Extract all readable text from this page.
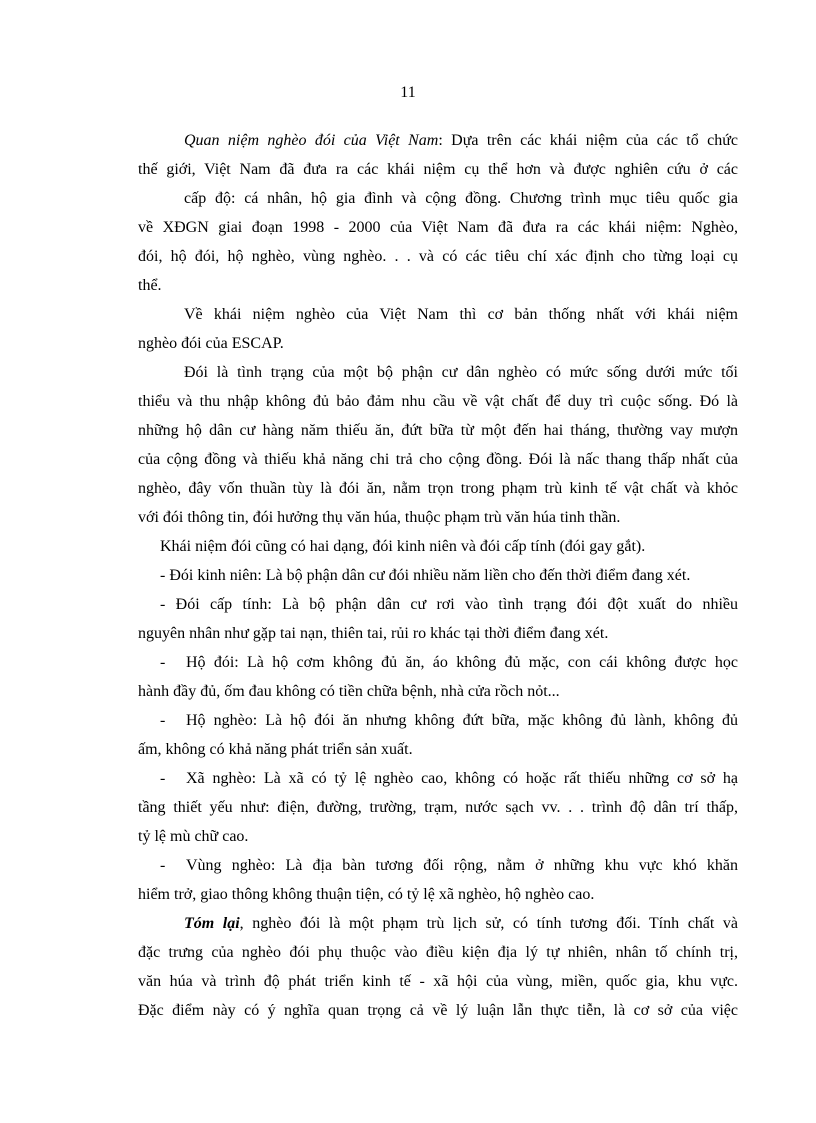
11
Quan niệm nghèo đói của Việt Nam: Dựa trên các khái niệm của các tổ chức
thế giới, Việt Nam đã đưa ra các khái niệm cụ thể hơn và được nghiên cứu ở các
cấp độ: cá nhân, hộ gia đình và cộng đồng. Chương trình mục tiêu quốc gia
về XĐGN giai đoạn 1998 - 2000 của Việt Nam đã đưa ra các khái niệm: Nghèo,
đói, hộ đói, hộ nghèo, vùng nghèo. . . và có các tiêu chí xác định cho từng loại cụ
thể.
Về khái niệm nghèo của Việt Nam thì cơ bản thống nhất với khái niệm
nghèo đói của ESCAP.
Đói là tình trạng của một bộ phận cư dân nghèo có mức sống dưới mức tối
thiểu và thu nhập không đủ bảo đảm nhu cầu về vật chất để duy trì cuộc sống. Đó là
những hộ dân cư hàng năm thiếu ăn, đứt bữa từ một đến hai tháng, thường vay mượn
của cộng đồng và thiếu khả năng chi trả cho cộng đồng. Đói là nấc thang thấp nhất của
nghèo, đây vốn thuần tùy là đói ăn, nằm trọn trong phạm trù kinh tế vật chất và khỏc
với đói thông tin, đói hưởng thụ văn húa, thuộc phạm trù văn húa tinh thần.
Khái niệm đói cũng có hai dạng, đói kinh niên và đói cấp tính (đói gay gắt).
- Đói kinh niên: Là bộ phận dân cư đói nhiều năm liền cho đến thời điểm đang xét.
- Đói cấp tính: Là bộ phận dân cư rơi vào tình trạng đói đột xuất do nhiều
nguyên nhân như gặp tai nạn, thiên tai, rủi ro khác tại thời điểm đang xét.
-	Hộ đói: Là hộ cơm không đủ ăn, áo không đủ mặc, con cái không được học
hành đầy đủ, ốm đau không có tiền chữa bệnh, nhà cửa rồch nỏt...
-	Hộ nghèo: Là hộ đói ăn nhưng không đứt bữa, mặc không đủ lành, không đủ
ấm, không có khả năng phát triển sản xuất.
-	Xã nghèo: Là xã có tỷ lệ nghèo cao, không có hoặc rất thiếu những cơ sở hạ
tầng thiết yếu như: điện, đường, trường, trạm, nước sạch vv. . . trình độ dân trí thấp,
tỷ lệ mù chữ cao.
-	Vùng nghèo: Là địa bàn tương đối rộng, nằm ở những khu vực khó khăn
hiểm trở, giao thông không thuận tiện, có tỷ lệ xã nghèo, hộ nghèo cao.
Tóm lại, nghèo đói là một phạm trù lịch sử, có tính tương đối. Tính chất và
đặc trưng của nghèo đói phụ thuộc vào điều kiện địa lý tự nhiên, nhân tố chính trị,
văn húa và trình độ phát triển kinh tế - xã hội của vùng, miền, quốc gia, khu vực.
Đặc điểm này có ý nghĩa quan trọng cả về lý luận lẫn thực tiễn, là cơ sở của việc
